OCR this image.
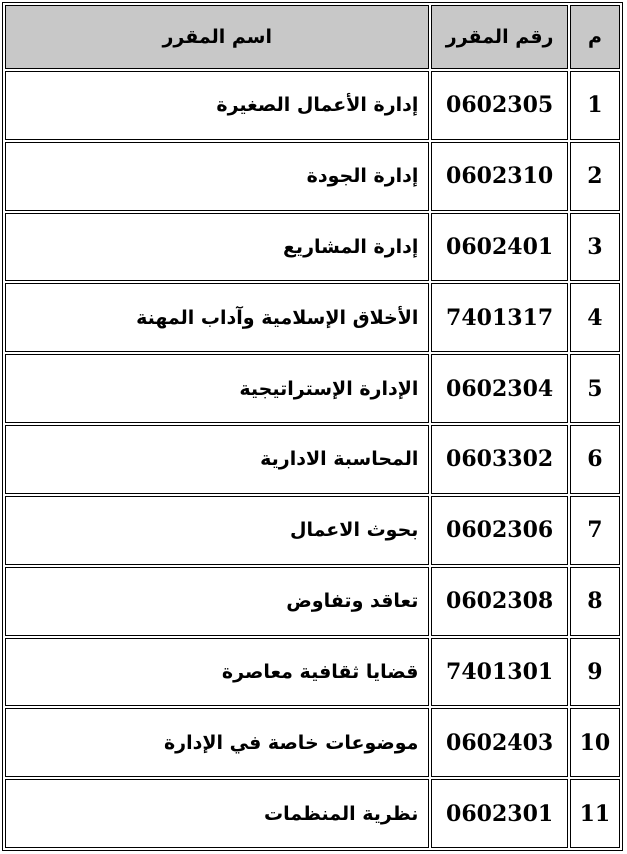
م	رقم المقرر	اسم المقرر
1	0602305	إدارة الأعمال الصغيرة
2	0602310	إدارة الجودة
3	0602401	إدارة المشاريع
4	7401317	الأخلاق الإسلامية وآداب المهنة
5	0602304	الإدارة الإستراتيجية
6	0603302	المحاسبة الادارية
7	0602306	بحوث الاعمال
8	0602308	تعاقد وتفاوض
9	7401301	قضايا ثقافية معاصرة
10	0602403	موضوعات خاصة في الإدارة
11	0602301	نظرية المنظمات
